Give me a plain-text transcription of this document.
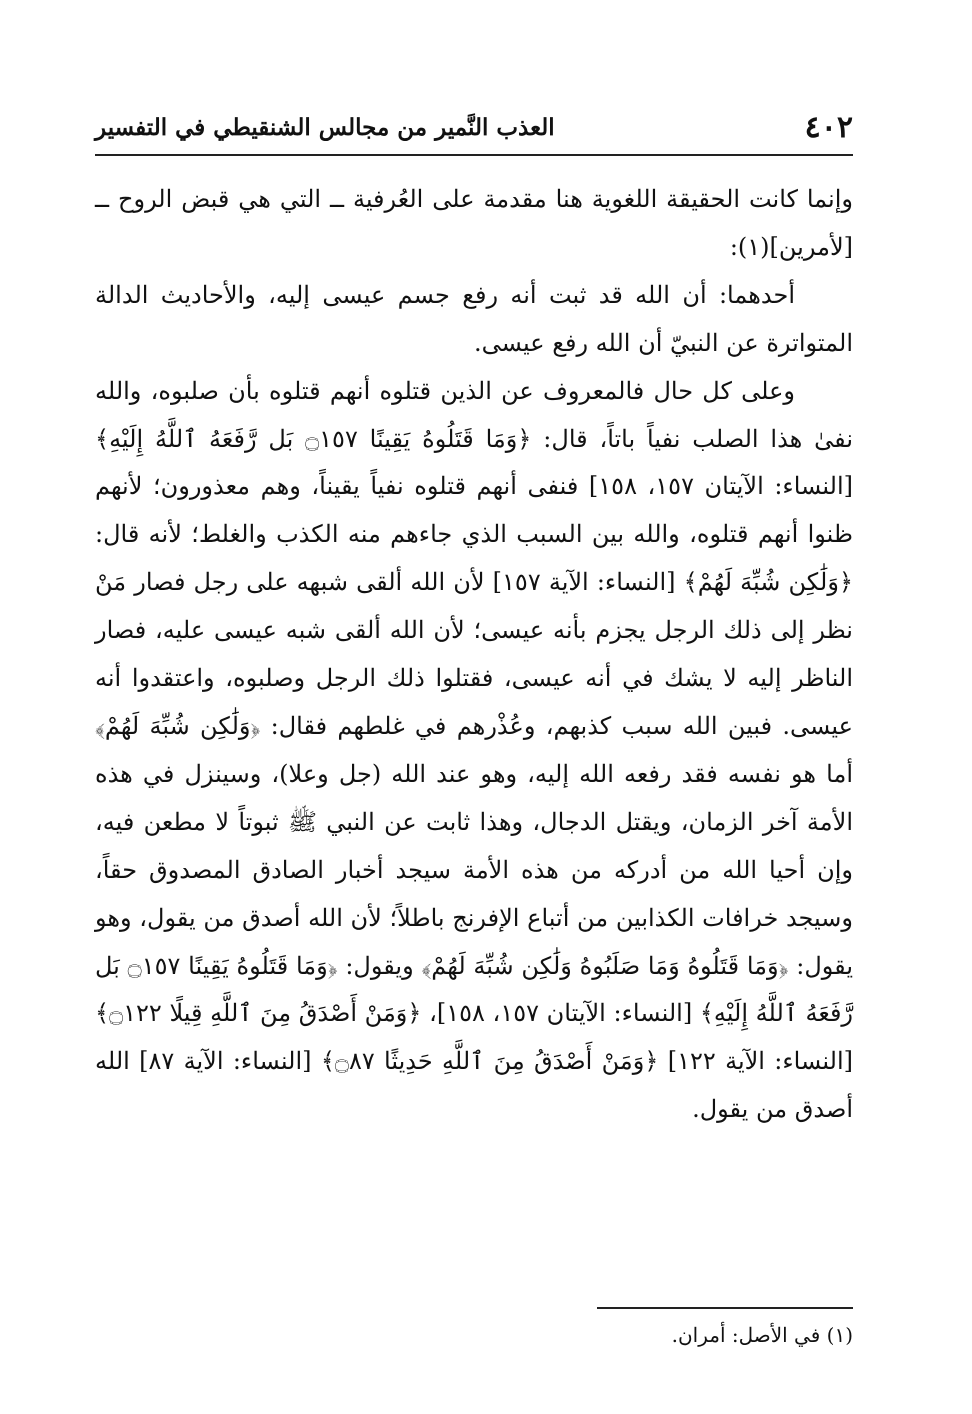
٤٠٢
العذب النَّمير من مجالس الشنقيطي في التفسير

وإنما كانت الحقيقة اللغوية هنا مقدمة على العُرفية ــ التي هي قبض الروح ــ [لأمرين](١):

أحدهما: أن الله قد ثبت أنه رفع جسم عيسى إليه، والأحاديث الدالة المتواترة عن النبيّ أن الله رفع عيسى.

وعلى كل حال فالمعروف عن الذين قتلوه أنهم قتلوه بأن صلبوه، والله نفىٰ هذا الصلب نفياً باتاً، قال: ﴿وَمَا قَتَلُوهُ يَقِينًا ۝١٥٧ بَل رَّفَعَهُ ٱللَّهُ إِلَيْهِ﴾ [النساء: الآيتان ١٥٧، ١٥٨] فنفى أنهم قتلوه نفياً يقيناً، وهم معذورون؛ لأنهم ظنوا أنهم قتلوه، والله بين السبب الذي جاءهم منه الكذب والغلط؛ لأنه قال: ﴿وَلَٰكِن شُبِّهَ لَهُمْ﴾ [النساء: الآية ١٥٧] لأن الله ألقى شبهه على رجل فصار مَنْ نظر إلى ذلك الرجل يجزم بأنه عيسى؛ لأن الله ألقى شبه عيسى عليه، فصار الناظر إليه لا يشك في أنه عيسى، فقتلوا ذلك الرجل وصلبوه، واعتقدوا أنه عيسى. فبين الله سبب كذبهم، وعُذْرهم في غلطهم فقال: ﴿وَلَٰكِن شُبِّهَ لَهُمْ﴾ أما هو نفسه فقد رفعه الله إليه، وهو عند الله (جل وعلا)، وسينزل في هذه الأمة آخر الزمان، ويقتل الدجال، وهذا ثابت عن النبي ﷺ ثبوتاً لا مطعن فيه، وإن أحيا الله من أدركه من هذه الأمة سيجد أخبار الصادق المصدوق حقاً، وسيجد خرافات الكذابين من أتباع الإفرنج باطلاً؛ لأن الله أصدق من يقول، وهو يقول: ﴿وَمَا قَتَلُوهُ وَمَا صَلَبُوهُ وَلَٰكِن شُبِّهَ لَهُمْ﴾ ويقول: ﴿وَمَا قَتَلُوهُ يَقِينًا ۝١٥٧ بَل رَّفَعَهُ ٱللَّهُ إِلَيْهِ﴾ [النساء: الآيتان ١٥٧، ١٥٨]، ﴿وَمَنْ أَصْدَقُ مِنَ ٱللَّهِ قِيلًا ۝١٢٢﴾ [النساء: الآية ١٢٢] ﴿وَمَنْ أَصْدَقُ مِنَ ٱللَّهِ حَدِيثًا ۝٨٧﴾ [النساء: الآية ٨٧] الله أصدق من يقول.

(١) في الأصل: أمران.
